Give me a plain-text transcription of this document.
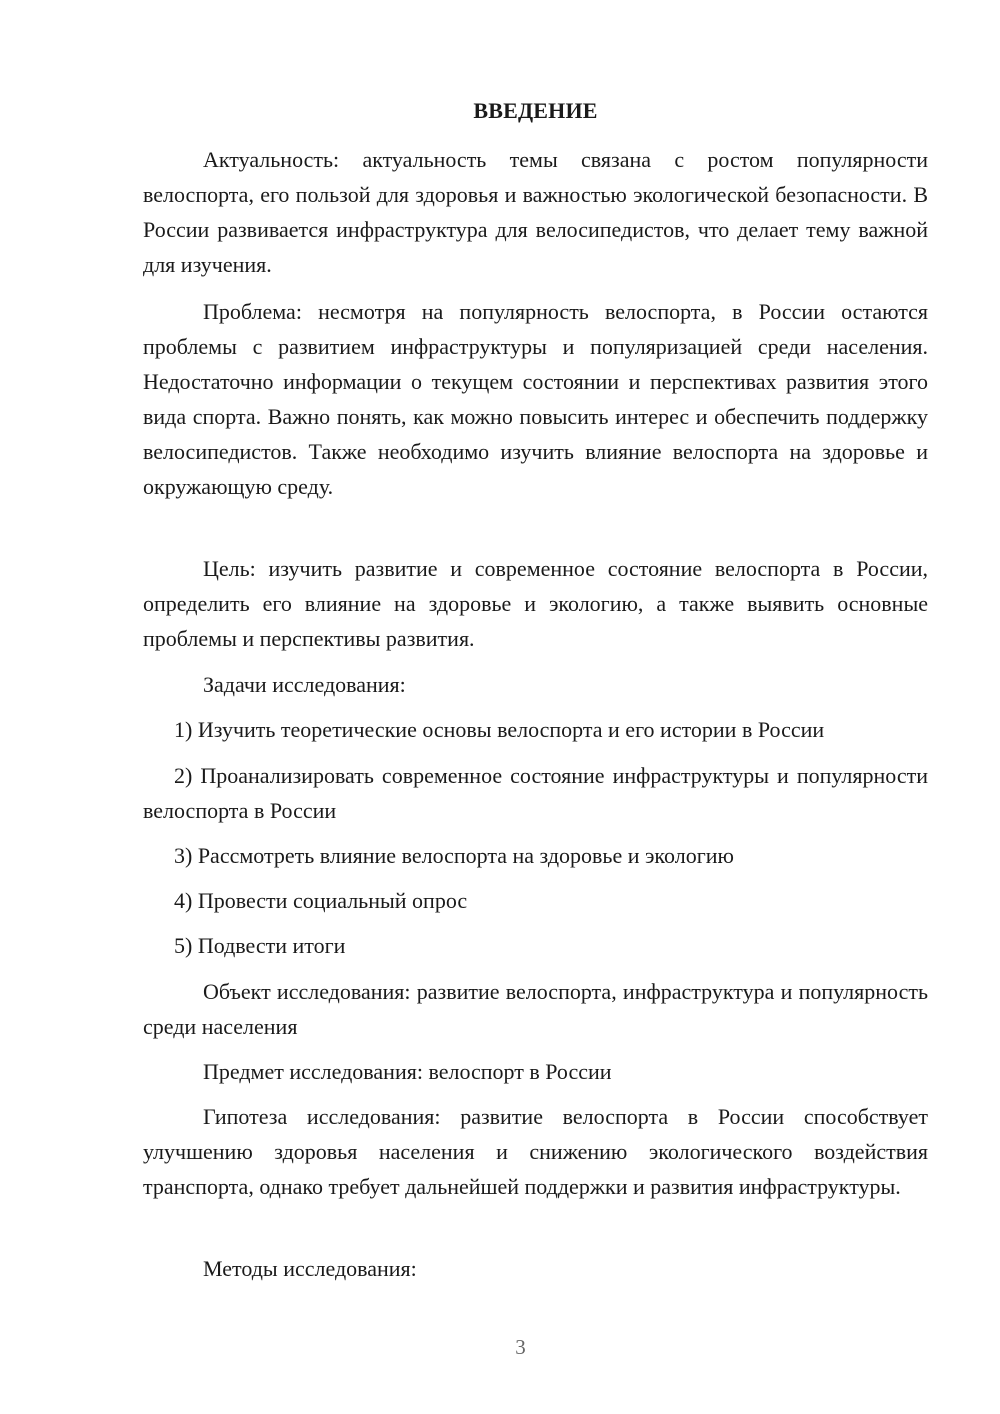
ВВЕДЕНИЕ

Актуальность: актуальность темы связана с ростом популярности велоспорта, его пользой для здоровья и важностью экологической безопасности. В России развивается инфраструктура для велосипедистов, что делает тему важной для изучения.

Проблема: несмотря на популярность велоспорта, в России остаются проблемы с развитием инфраструктуры и популяризацией среди населения. Недостаточно информации о текущем состоянии и перспективах развития этого вида спорта. Важно понять, как можно повысить интерес и обеспечить поддержку велосипедистов. Также необходимо изучить влияние велоспорта на здоровье и окружающую среду.

Цель: изучить развитие и современное состояние велоспорта в России, определить его влияние на здоровье и экологию, а также выявить основные проблемы и перспективы развития.

Задачи исследования:

1) Изучить теоретические основы велоспорта и его истории в России

2) Проанализировать современное состояние инфраструктуры и популярности велоспорта в России

3) Рассмотреть влияние велоспорта на здоровье и экологию

4) Провести социальный опрос

5) Подвести итоги

Объект исследования: развитие велоспорта, инфраструктура и популярность среди населения

Предмет исследования: велоспорт в России

Гипотеза исследования: развитие велоспорта в России способствует улучшению здоровья населения и снижению экологического воздействия транспорта, однако требует дальнейшей поддержки и развития инфраструктуры.

Методы исследования:

3
